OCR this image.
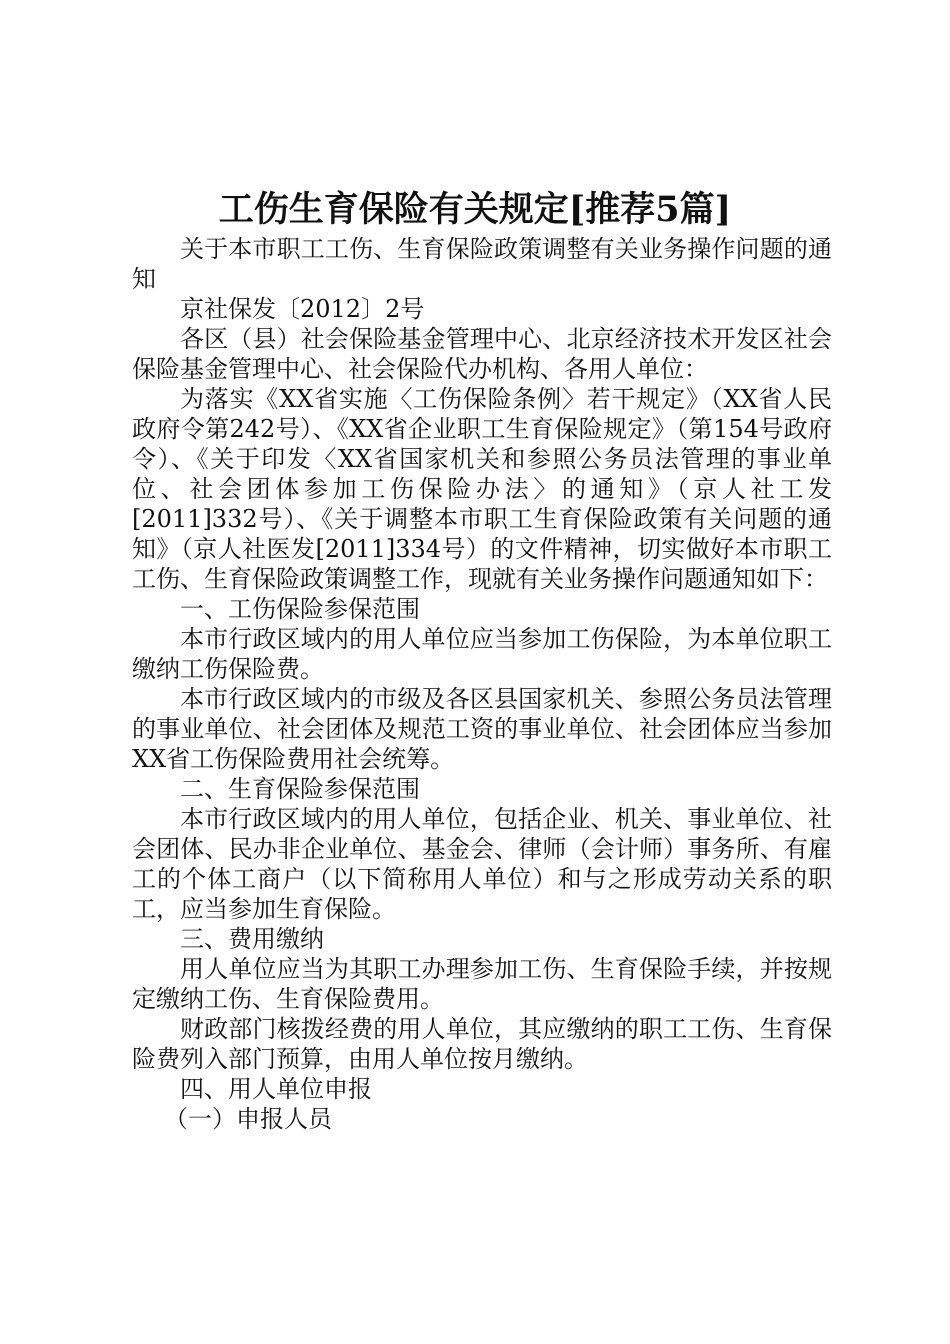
工伤生育保险有关规定[推荐5篇]

关于本市职工工伤、生育保险政策调整有关业务操作问题的通知

京社保发〔2012〕2号

各区（县）社会保险基金管理中心、北京经济技术开发区社会保险基金管理中心、社会保险代办机构、各用人单位：

为落实《XX省实施〈工伤保险条例〉若干规定》（XX省人民政府令第242号）、《XX省企业职工生育保险规定》（第154号政府令）、《关于印发〈XX省国家机关和参照公务员法管理的事业单位、社会团体参加工伤保险办法〉的通知》（京人社工发[2011]332号）、《关于调整本市职工生育保险政策有关问题的通知》（京人社医发[2011]334号）的文件精神，切实做好本市职工工伤、生育保险政策调整工作，现就有关业务操作问题通知如下：

一、工伤保险参保范围

本市行政区域内的用人单位应当参加工伤保险，为本单位职工缴纳工伤保险费。

本市行政区域内的市级及各区县国家机关、参照公务员法管理的事业单位、社会团体及规范工资的事业单位、社会团体应当参加XX省工伤保险费用社会统筹。

二、生育保险参保范围

本市行政区域内的用人单位，包括企业、机关、事业单位、社会团体、民办非企业单位、基金会、律师（会计师）事务所、有雇工的个体工商户（以下简称用人单位）和与之形成劳动关系的职工，应当参加生育保险。

三、费用缴纳

用人单位应当为其职工办理参加工伤、生育保险手续，并按规定缴纳工伤、生育保险费用。

财政部门核拨经费的用人单位，其应缴纳的职工工伤、生育保险费列入部门预算，由用人单位按月缴纳。

四、用人单位申报

（一）申报人员
